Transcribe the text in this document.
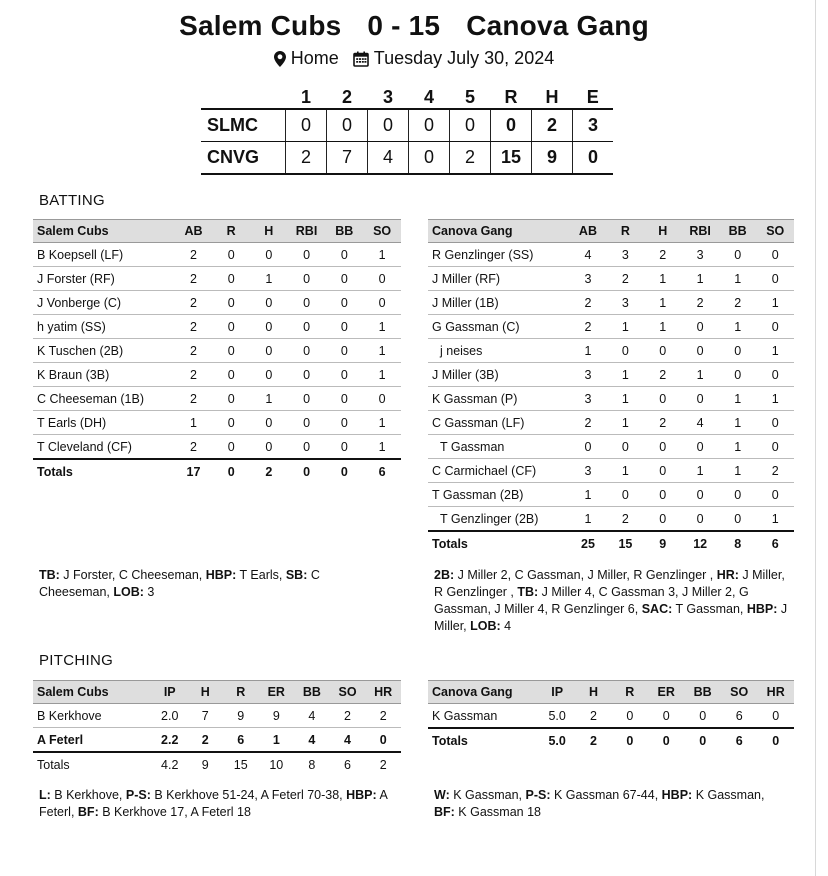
Salem Cubs 0 - 15 Canova Gang
Home Tuesday July 30, 2024
	1	2	3	4	5	R	H	E
SLMC	0	0	0	0	0	0	2	3
CNVG	2	7	4	0	2	15	9	0
BATTING
Salem Cubs	AB	R	H	RBI	BB	SO
B Koepsell (LF)	2	0	0	0	0	1
J Forster (RF)	2	0	1	0	0	0
J Vonberge (C)	2	0	0	0	0	0
h yatim (SS)	2	0	0	0	0	1
K Tuschen (2B)	2	0	0	0	0	1
K Braun (3B)	2	0	0	0	0	1
C Cheeseman (1B)	2	0	1	0	0	0
T Earls (DH)	1	0	0	0	0	1
T Cleveland (CF)	2	0	0	0	0	1
Totals	17	0	2	0	0	6
Canova Gang	AB	R	H	RBI	BB	SO
R Genzlinger (SS)	4	3	2	3	0	0
J Miller (RF)	3	2	1	1	1	0
J Miller (1B)	2	3	1	2	2	1
G Gassman (C)	2	1	1	0	1	0
j neises	1	0	0	0	0	1
J Miller (3B)	3	1	2	1	0	0
K Gassman (P)	3	1	0	0	1	1
C Gassman (LF)	2	1	2	4	1	0
T Gassman	0	0	0	0	1	0
C Carmichael (CF)	3	1	0	1	1	2
T Gassman (2B)	1	0	0	0	0	0
T Genzlinger (2B)	1	2	0	0	0	1
Totals	25	15	9	12	8	6
TB: J Forster, C Cheeseman, HBP: T Earls, SB: C Cheeseman, LOB: 3
2B: J Miller 2, C Gassman, J Miller, R Genzlinger , HR: J Miller, R Genzlinger , TB: J Miller 4, C Gassman 3, J Miller 2, G Gassman, J Miller 4, R Genzlinger 6, SAC: T Gassman, HBP: J Miller, LOB: 4
PITCHING
Salem Cubs	IP	H	R	ER	BB	SO	HR
B Kerkhove	2.0	7	9	9	4	2	2
A Feterl	2.2	2	6	1	4	4	0
Totals	4.2	9	15	10	8	6	2
Canova Gang	IP	H	R	ER	BB	SO	HR
K Gassman	5.0	2	0	0	0	6	0
Totals	5.0	2	0	0	0	6	0
L: B Kerkhove, P-S: B Kerkhove 51-24, A Feterl 70-38, HBP: A Feterl, BF: B Kerkhove 17, A Feterl 18
W: K Gassman, P-S: K Gassman 67-44, HBP: K Gassman, BF: K Gassman 18
